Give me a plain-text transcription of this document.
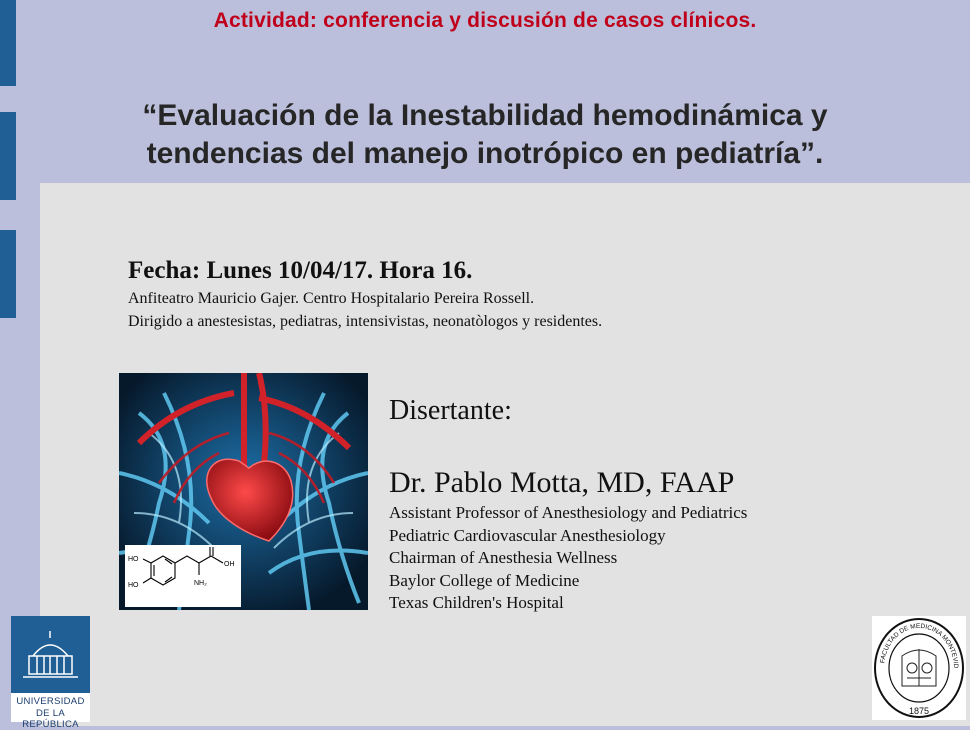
Actividad: conferencia y discusión de casos clínicos.
“Evaluación de la Inestabilidad hemodinámica y
tendencias del manejo inotrópico en pediatría”.
Fecha: Lunes 10/04/17. Hora 16.
Anfiteatro Mauricio Gajer. Centro Hospitalario Pereira Rossell.
Dirigido a anestesistas, pediatras, intensivistas, neonatòlogos y residentes.
HO
HO
OH
NH₂
Disertante:
Dr. Pablo Motta, MD, FAAP
Assistant Professor of Anesthesiology and Pediatrics
Pediatric Cardiovascular Anesthesiology
Chairman of Anesthesia Wellness
Baylor College of Medicine
Texas Children's Hospital
UNIVERSIDAD
DE LA REPÚBLICA
FACULTAD DE MEDICINA MONTEVID
1875
